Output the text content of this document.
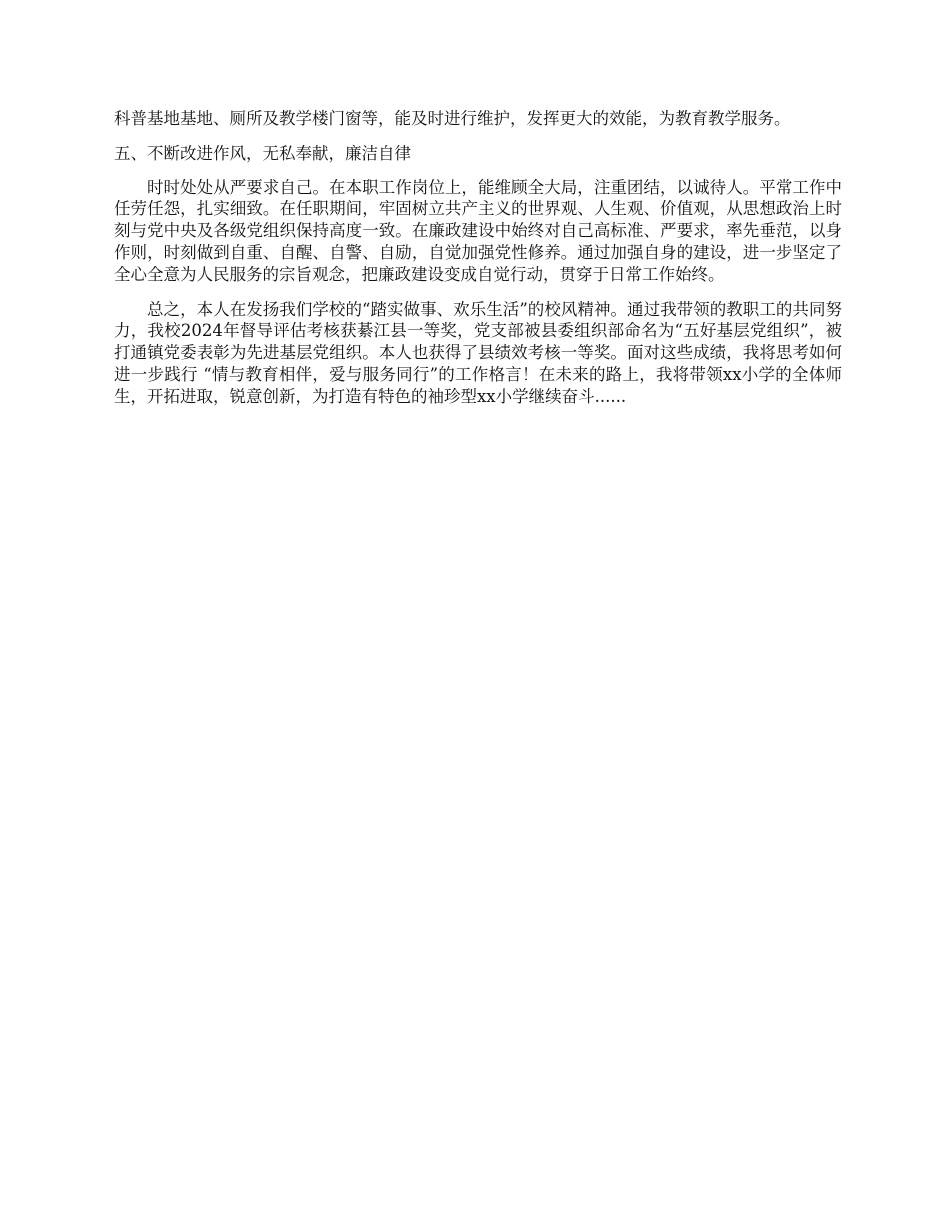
科普基地基地、厕所及教学楼门窗等，能及时进行维护，发挥更大的效能，为教育教学服务。

五、不断改进作风，无私奉献，廉洁自律

时时处处从严要求自己。在本职工作岗位上，能维顾全大局，注重团结，以诚待人。平常工作中任劳任怨，扎实细致。在任职期间，牢固树立共产主义的世界观、人生观、价值观，从思想政治上时刻与党中央及各级党组织保持高度一致。在廉政建设中始终对自己高标准、严要求，率先垂范，以身作则，时刻做到自重、自醒、自警、自励，自觉加强党性修养。通过加强自身的建设，进一步坚定了全心全意为人民服务的宗旨观念，把廉政建设变成自觉行动，贯穿于日常工作始终。

总之，本人在发扬我们学校的“踏实做事、欢乐生活”的校风精神。通过我带领的教职工的共同努力，我校2024年督导评估考核获綦江县一等奖，党支部被县委组织部命名为“五好基层党组织”，被打通镇党委表彰为先进基层党组织。本人也获得了县绩效考核一等奖。面对这些成绩，我将思考如何进一步践行 “情与教育相伴，爱与服务同行”的工作格言！在未来的路上，我将带领xx小学的全体师生，开拓进取，锐意创新，为打造有特色的袖珍型xx小学继续奋斗......
